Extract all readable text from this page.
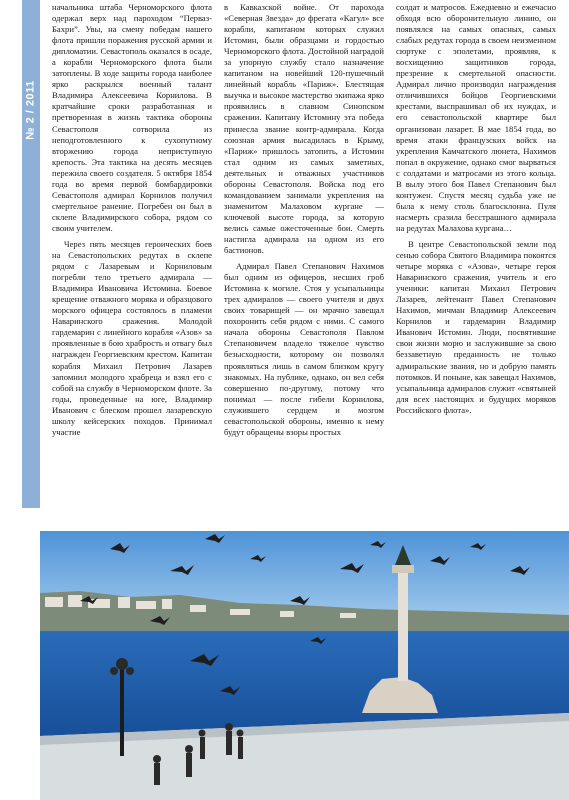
№ 2 / 2011

начальника штаба Черноморского флота одержал верх над пароходом “Перваз-Бахри”. Увы, на смену победам нашего флота пришли поражения русской армии и дипломатии. Севастополь оказался в осаде, а корабли Черноморского флота были затоплены. В ходе защиты города наиболее ярко раскрылся военный талант Владимира Алексеевича Корнилова. В кратчайшие сроки разработанная и претворенная в жизнь тактика обороны Севастополя сотворила из неподготовленного к сухопутному вторжению города неприступную крепость. Эта тактика на десять месяцев пережила своего создателя. 5 октября 1854 года во время первой бомбардировки Севастополя адмирал Корнилов получил смертельное ранение. Погребен он был в склепе Владимирского собора, рядом со своим учителем.

Через пять месяцев героических боев на Севастопольских редутах в склепе рядом с Лазаревым и Корниловым погребли тело третьего адмирала — Владимира Ивановича Истомина. Боевое крещение отважного моряка и образцового морского офицера состоялось в пламени Наваринского сражения. Молодой гардемарин с линейного корабля «Азов» за проявленные в бою храбрость и отвагу был награжден Георгиевским крестом. Капитан корабля Михаил Петрович Лазарев запомнил молодого храбреца и взял его с собой на службу в Черноморском флоте. За годы, проведенные на юге, Владимир Иванович с блеском прошел лазаревскую школу кейсерских походов. Принимал участие

в Кавказской войне. От парохода «Северная Звезда» до фрегата «Кагул» все корабли, капитаном которых служил Истомин, были образцами и гордостью Черноморского флота. Достойной наградой за упорную службу стало назначение капитаном на новейший 120-пушечный линейный корабль «Париж». Блестящая выучка и высокое мастерство экипажа ярко проявились в славном Синопском сражении. Капитану Истомину эта победа принесла звание контр-адмирала. Когда союзная армия высадилась в Крыму, «Париж» пришлось затопить, а Истомин стал одним из самых заметных, деятельных и отважных участников обороны Севастополя. Войска под его командованием занимали укрепления на знаменитом Малаховом кургане — ключевой высоте города, за которую велись самые ожесточенные бои. Смерть настигла адмирала на одном из его бастионов.

Адмирал Павел Степанович Нахимов был одним из офицеров, несших гроб Истомина к могиле. Стоя у усыпальницы трех адмиралов — своего учителя и двух своих товарищей — он мрачно завещал похоронить себя рядом с ними. С самого начала обороны Севастополя Павлом Степановичем владело тяжелое чувство безысходности, которому он позволял проявляться лишь в самом близком кругу знакомых. На публике, однако, он вел себя совершенно по-другому, потому что понимал — после гибели Корнилова, служившего сердцем и мозгом севастопольской обороны, именно к нему будут обращены взоры простых

солдат и матросов. Ежедневно и ежечасно обходя всю оборонительную линию, он появлялся на самых опасных, самых слабых редутах города в своем неизменном сюртуке с эполетами, проявляя, к восхищению защитников города, презрение к смертельной опасности. Адмирал лично производил награждения отличившихся бойцов Георгиевскими крестами, выспрашивал об их нуждах, и его севастопольской квартире был организован лазарет. В мае 1854 года, во время атаки французских войск на укрепления Камчатского люнета, Нахимов попал в окружение, однако смог вырваться с солдатами и матросами из этого кольца. В вылу этого боя Павел Степанович был контужен. Спустя месяц судьба уже не была к нему столь благосклонна. Пуля насмерть сразила бесстрашного адмирала на редутах Малахова кургана…

В центре Севастопольской земли под сенью собора Святого Владимира покоятся четыре моряка с «Азова», четыре героя Наваринского сражения, учитель и его ученики: капитан Михаил Петрович Лазарев, лейтенант Павел Степанович Нахимов, мичман Владимир Алексеевич Корнилов и гардемарин Владимир Иванович Истомин. Люди, посвятившие свои жизни морю и заслужившие за свою беззаветную преданность не только адмиральские звания, но и добрую память потомков. И поныне, как завещал Нахимов, усыпальница адмиралов служит «святыней для всех настоящих и будущих моряков Российского флота».
